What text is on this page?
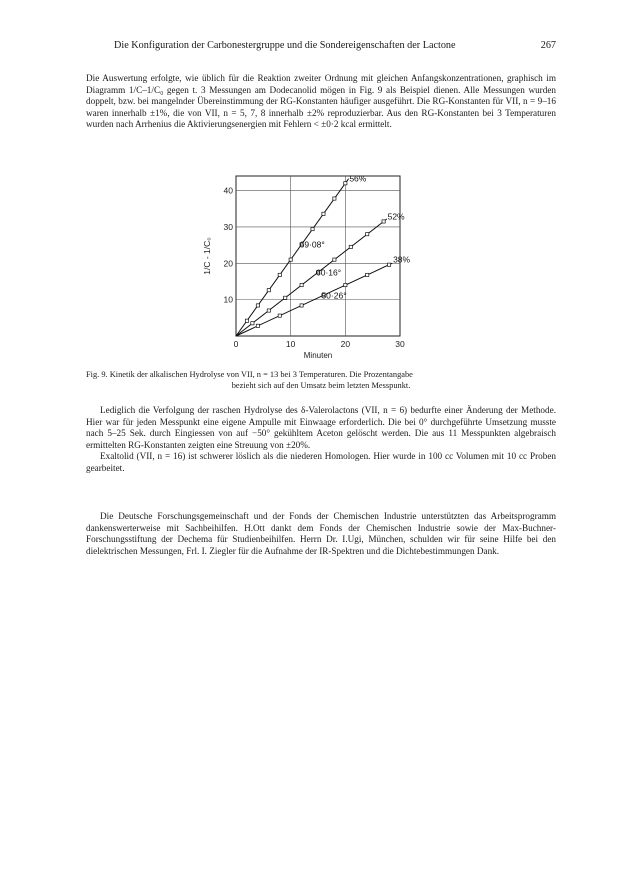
Die Konfiguration der Carbonestergruppe und die Sondereigenschaften der Lactone	267

Die Auswertung erfolgte, wie üblich für die Reaktion zweiter Ordnung mit gleichen Anfangskonzentrationen, graphisch im Diagramm 1/C–1/C₀ gegen t. 3 Messungen am Dodecanolid mögen in Fig. 9 als Beispiel dienen. Alle Messungen wurden doppelt, bzw. bei mangelnder Übereinstimmung der RG-Konstanten häufiger ausgeführt. Die RG-Konstanten für VII, n = 9–16 waren innerhalb ±1%, die von VII, n = 5, 7, 8 innerhalb ±2% reproduzierbar. Aus den RG-Konstanten bei 3 Temperaturen wurden nach Arrhenius die Aktivierungsenergien mit Fehlern < ±0·2 kcal ermittelt.

0	10	20	30
10
20
30
40
Minuten
1/C - 1/C₀	69·08°
56%
60·16°
52%
50·26°
38%
Fig. 9. Kinetik der alkalischen Hydrolyse von VII, n = 13 bei 3 Temperaturen. Die Prozentangabe
bezieht sich auf den Umsatz beim letzten Messpunkt.

Lediglich die Verfolgung der raschen Hydrolyse des δ-Valerolactons (VII, n = 6) bedurfte einer Änderung der Methode. Hier war für jeden Messpunkt eine eigene Ampulle mit Einwaage erforderlich. Die bei 0° durchgeführte Umsetzung musste nach 5–25 Sek. durch Eingiessen von auf −50° gekühltem Aceton gelöscht werden. Die aus 11 Messpunkten algebraisch ermittelten RG-Konstanten zeigten eine Streuung von ±20%.

Exaltolid (VII, n = 16) ist schwerer löslich als die niederen Homologen. Hier wurde in 100 cc Volumen mit 10 cc Proben gearbeitet.

Die Deutsche Forschungsgemeinschaft und der Fonds der Chemischen Industrie unterstützten das Arbeitsprogramm dankenswerterweise mit Sachbeihilfen. H.Ott dankt dem Fonds der Chemischen Industrie sowie der Max-Buchner-Forschungsstiftung der Dechema für Studienbeihilfen. Herrn Dr. I.Ugi, München, schulden wir für seine Hilfe bei den dielektrischen Messungen, Frl. I. Ziegler für die Aufnahme der IR-Spektren und die Dichtebestimmungen Dank.
